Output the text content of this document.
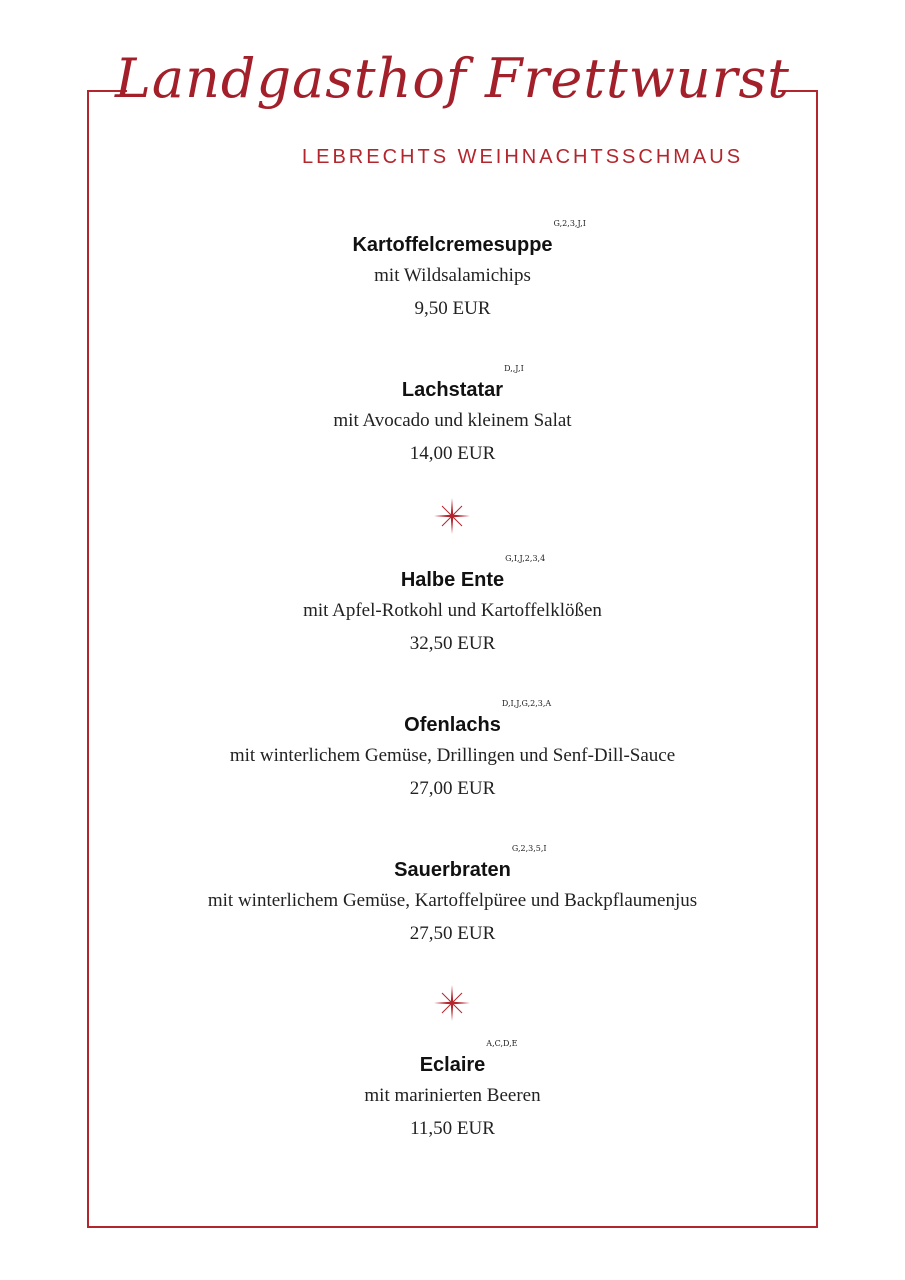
Landgasthof Frettwurst
LEBRECHTS WEIHNACHTSSCHMAUS
Kartoffelcremesuppe
G,2,3,J,I
mit Wildsalamichips
9,50 EUR
Lachstatar
D,,J,I
mit Avocado und kleinem Salat
14,00 EUR
Halbe Ente
G,I,J,2,3,4
mit Apfel-Rotkohl und Kartoffelklößen
32,50 EUR
Ofenlachs
D,I,J,G,2,3,A
mit winterlichem Gemüse, Drillingen und Senf-Dill-Sauce
27,00 EUR
Sauerbraten
G,2,3,5,I
mit winterlichem Gemüse, Kartoffelpüree und Backpflaumenjus
27,50 EUR
Eclaire
A,C,D,E
mit marinierten Beeren
11,50 EUR
